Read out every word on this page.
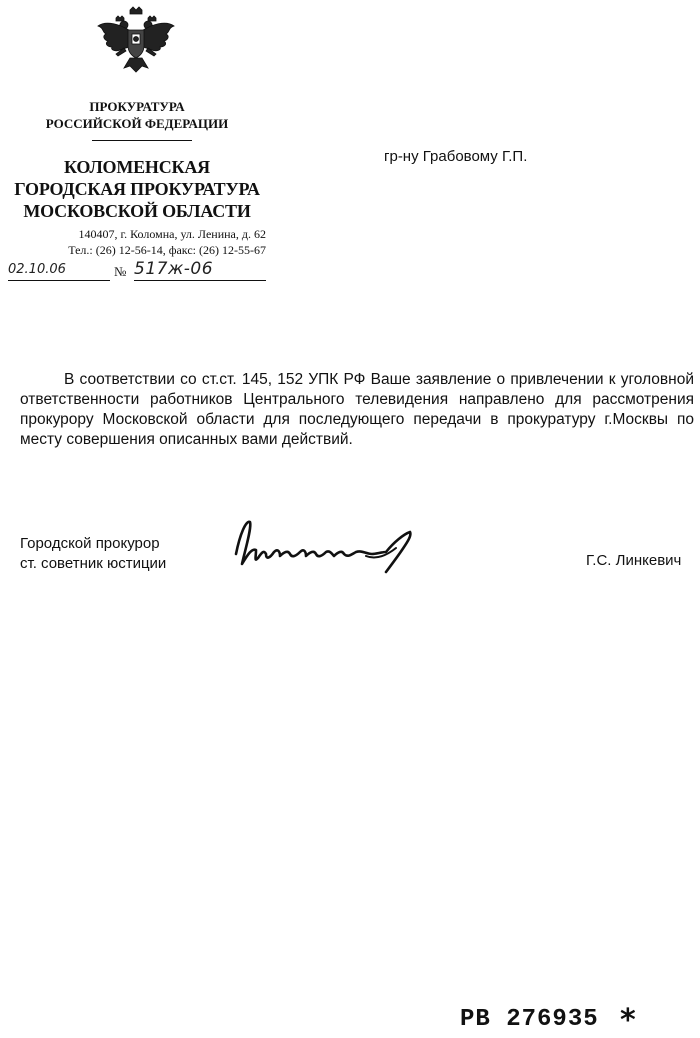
ПРОКУРАТУРА
РОССИЙСКОЙ ФЕДЕРАЦИИ
КОЛОМЕНСКАЯ
ГОРОДСКАЯ ПРОКУРАТУРА
МОСКОВСКОЙ ОБЛАСТИ
140407, г. Коломна, ул. Ленина, д. 62
Тел.: (26) 12-56-14, факс: (26) 12-55-67
02.10.06	№ 517ж-06
гр-ну Грабовому Г.П.
В соответствии со ст.ст. 145, 152 УПК РФ Ваше заявление о привлечении к уголовной ответственности работников Центрального телевидения направлено для рассмотрения прокурору Московской области для последующего передачи в прокуратуру г.Москвы по месту совершения описанных вами действий.
Городской прокурор
ст. советник юстиции	Г.С. Линкевич
РВ 276935 *
